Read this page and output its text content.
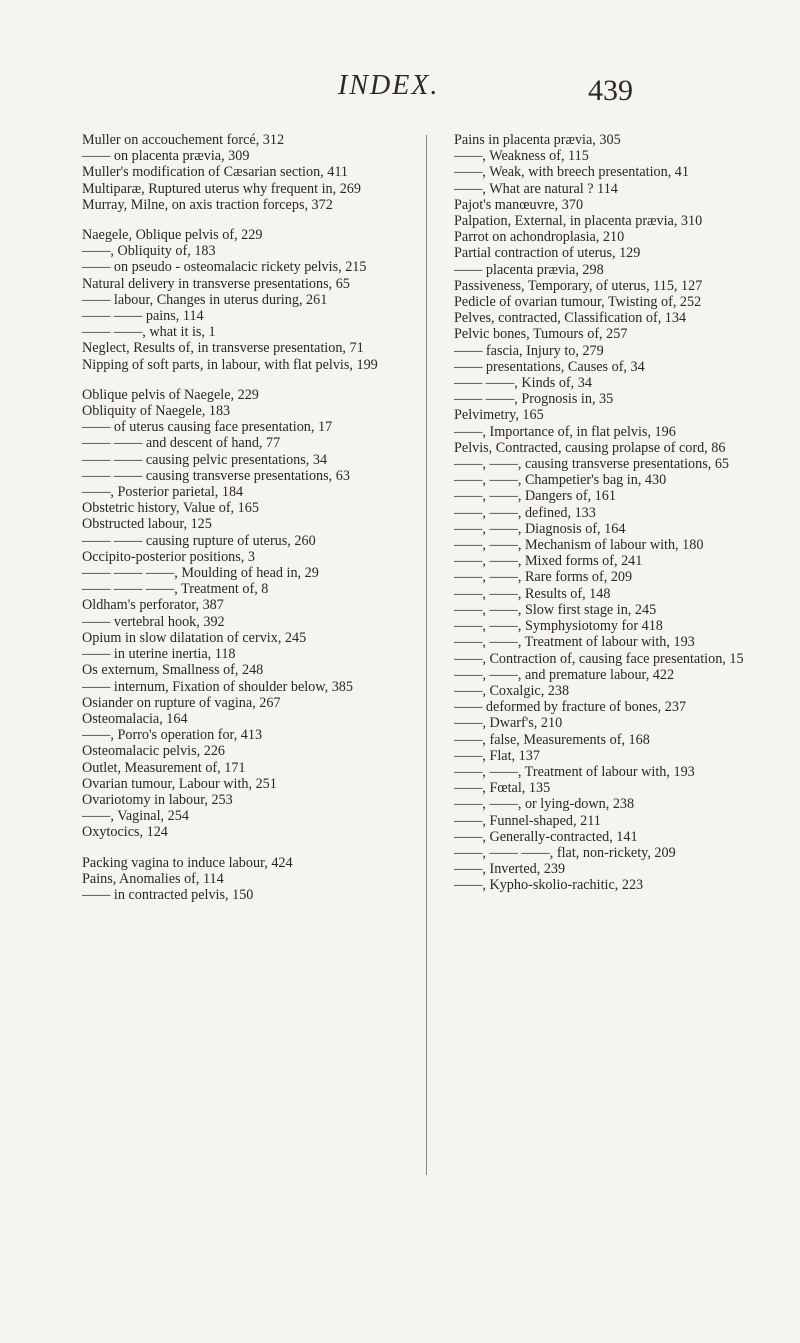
INDEX.	439

Muller on accouchement forcé, 312

—— on placenta prævia, 309

Muller's modification of Cæsarian section, 411

Multiparæ, Ruptured uterus why frequent in, 269

Murray, Milne, on axis traction forceps, 372

Naegele, Oblique pelvis of, 229

——, Obliquity of, 183

—— on pseudo - osteomalacic rickety pelvis, 215

Natural delivery in transverse presentations, 65

—— labour, Changes in uterus during, 261

—— —— pains, 114

—— ——, what it is, 1

Neglect, Results of, in transverse presentation, 71

Nipping of soft parts, in labour, with flat pelvis, 199

Oblique pelvis of Naegele, 229

Obliquity of Naegele, 183

—— of uterus causing face presentation, 17

—— —— and descent of hand, 77

—— —— causing pelvic presentations, 34

—— —— causing transverse presentations, 63

——, Posterior parietal, 184

Obstetric history, Value of, 165

Obstructed labour, 125

—— —— causing rupture of uterus, 260

Occipito-posterior positions, 3

—— —— ——, Moulding of head in, 29

—— —— ——, Treatment of, 8

Oldham's perforator, 387

—— vertebral hook, 392

Opium in slow dilatation of cervix, 245

—— in uterine inertia, 118

Os externum, Smallness of, 248

—— internum, Fixation of shoulder below, 385

Osiander on rupture of vagina, 267

Osteomalacia, 164

——, Porro's operation for, 413

Osteomalacic pelvis, 226

Outlet, Measurement of, 171

Ovarian tumour, Labour with, 251

Ovariotomy in labour, 253

——, Vaginal, 254

Oxytocics, 124

Packing vagina to induce labour, 424

Pains, Anomalies of, 114

—— in contracted pelvis, 150

Pains in placenta prævia, 305

——, Weakness of, 115

——, Weak, with breech presentation, 41

——, What are natural ? 114

Pajot's manœuvre, 370

Palpation, External, in placenta prævia, 310

Parrot on achondroplasia, 210

Partial contraction of uterus, 129

—— placenta prævia, 298

Passiveness, Temporary, of uterus, 115, 127

Pedicle of ovarian tumour, Twisting of, 252

Pelves, contracted, Classification of, 134

Pelvic bones, Tumours of, 257

—— fascia, Injury to, 279

—— presentations, Causes of, 34

—— ——, Kinds of, 34

—— ——, Prognosis in, 35

Pelvimetry, 165

——, Importance of, in flat pelvis, 196

Pelvis, Contracted, causing prolapse of cord, 86

——, ——, causing transverse presentations, 65

——, ——, Champetier's bag in, 430

——, ——, Dangers of, 161

——, ——, defined, 133

——, ——, Diagnosis of, 164

——, ——, Mechanism of labour with, 180

——, ——, Mixed forms of, 241

——, ——, Rare forms of, 209

——, ——, Results of, 148

——, ——, Slow first stage in, 245

——, ——, Symphysiotomy for 418

——, ——, Treatment of labour with, 193

——, Contraction of, causing face presentation, 15

——, ——, and premature labour, 422

——, Coxalgic, 238

—— deformed by fracture of bones, 237

——, Dwarf's, 210

——, false, Measurements of, 168

——, Flat, 137

——, ——, Treatment of labour with, 193

——, Fœtal, 135

——, ——, or lying-down, 238

——, Funnel-shaped, 211

——, Generally-contracted, 141

——, —— ——, flat, non-rickety, 209

——, Inverted, 239

——, Kypho-skolio-rachitic, 223
